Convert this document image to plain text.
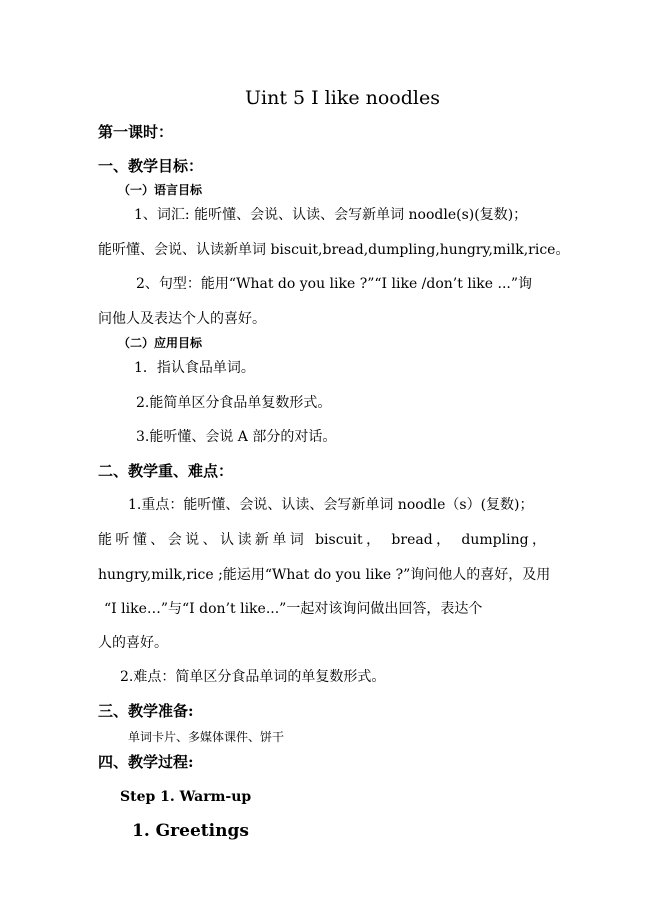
Uint 5 I like noodles
第一课时：
一、教学目标：
（一）语言目标
1、词汇: 能听懂、会说、认读、会写新单词 noodle(s)(复数)；
能听懂、会说、认读新单词 biscuit,bread,dumpling,hungry,milk,rice。
2、句型：能用“What do you like ?”“I like /don’t like ...”询
问他人及表达个人的喜好。
（二）应用目标
1．指认食品单词。
2.能简单区分食品单复数形式。
3.能听懂、会说 A 部分的对话。
二、教学重、难点：
1.重点：能听懂、会说、认读、会写新单词 noodle（s）(复数)；
能听懂、会说、认读新单词 biscuit， bread， dumpling，
hungry,milk,rice ;能运用“What do you like ?”询问他人的喜好，及用
“I like…”与“I don’t like...”一起对该询问做出回答，表达个
人的喜好。
2.难点：简单区分食品单词的单复数形式。
三、教学准备:
单词卡片、多媒体课件、饼干
四、教学过程:
Step 1. Warm-up
1. Greetings
